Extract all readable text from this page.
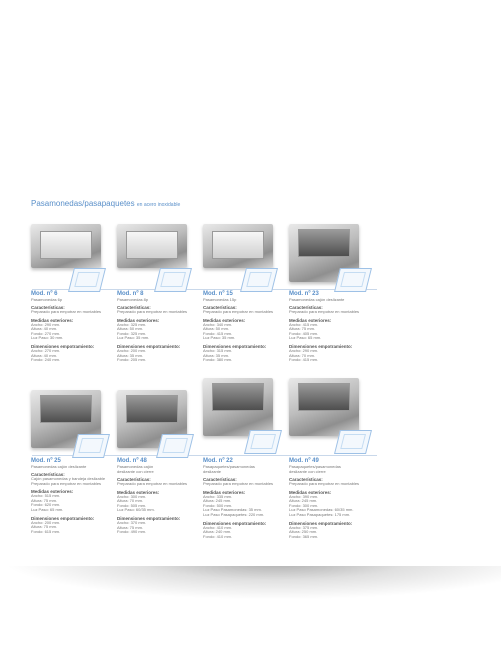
Pasamonedas/pasapaquetes en acero inoxidable
Mod. nº 6
Pasamonedas 6p
Características:
Preparado para empotrar en montables
Medidas exteriores:
Ancho: 290 mm.
Altura: 40 mm.
Fondo: 270 mm.
Luz Paso: 30 mm.
Dimensiones empotramiento:
Ancho: 270 mm.
Altura: 40 mm.
Fondo: 240 mm.
Mod. nº 8
Pasamonedas 8p
Características:
Preparado para empotrar en montables
Medidas exteriores:
Ancho: 325 mm.
Altura: 50 mm.
Fondo: 325 mm.
Luz Paso: 35 mm.
Dimensiones empotramiento:
Ancho: 200 mm.
Altura: 35 mm.
Fondo: 205 mm.
Mod. nº 15
Pasamonedas 15p
Características:
Preparado para empotrar en montables
Medidas exteriores:
Ancho: 340 mm.
Altura: 50 mm.
Fondo: 415 mm.
Luz Paso: 35 mm.
Dimensiones empotramiento:
Ancho: 315 mm.
Altura: 35 mm.
Fondo: 380 mm.
Mod. nº 23
Pasamonedas cajón deslizante
Características:
Preparado para empotrar en montables
Medidas exteriores:
Ancho: 415 mm.
Altura: 75 mm.
Fondo: 405 mm.
Luz Paso: 65 mm.
Dimensiones empotramiento:
Ancho: 290 mm.
Altura: 70 mm.
Fondo: 415 mm.
Mod. nº 25
Pasamonedas cajón deslizante
Características:
Cajón pasamonedas y bandeja deslizable
Preparado para empotrar en montables
Medidas exteriores:
Ancho: 515 mm.
Altura: 75 mm.
Fondo: 620 mm.
Luz Paso: 65 mm.
Dimensiones empotramiento:
Ancho: 200 mm.
Altura: 75 mm.
Fondo: 615 mm.
Mod. nº 48
Pasamonedas cajón
deslizante con cierre
Características:
Preparado para empotrar en montables
Medidas exteriores:
Ancho: 300 mm.
Altura: 70 mm.
Fondo: 505 mm.
Luz Paso: 60/35 mm.
Dimensiones empotramiento:
Ancho: 370 mm.
Altura: 75 mm.
Fondo: 490 mm.
Mod. nº 22
Pasapaquetes/pasamonedas
deslizante
Características:
Preparado para empotrar en montables
Medidas exteriores:
Ancho: 335 mm.
Altura: 245 mm.
Fondo: 500 mm.
Luz Paso Pasamonedas: 35 mm.
Luz Paso Pasapaquetes: 220 mm.
Dimensiones empotramiento:
Ancho: 410 mm.
Altura: 240 mm.
Fondo: 410 mm.
Mod. nº 49
Pasapaquetes/pasamonedas
deslizante con cierre
Características:
Preparado para empotrar en montables
Medidas exteriores:
Ancho: 390 mm.
Altura: 245 mm.
Fondo: 300 mm.
Luz Paso Pasamonedas: 60/35 mm.
Luz Paso Pasapaquetes: 175 mm.
Dimensiones empotramiento:
Ancho: 375 mm.
Altura: 250 mm.
Fondo: 365 mm.
